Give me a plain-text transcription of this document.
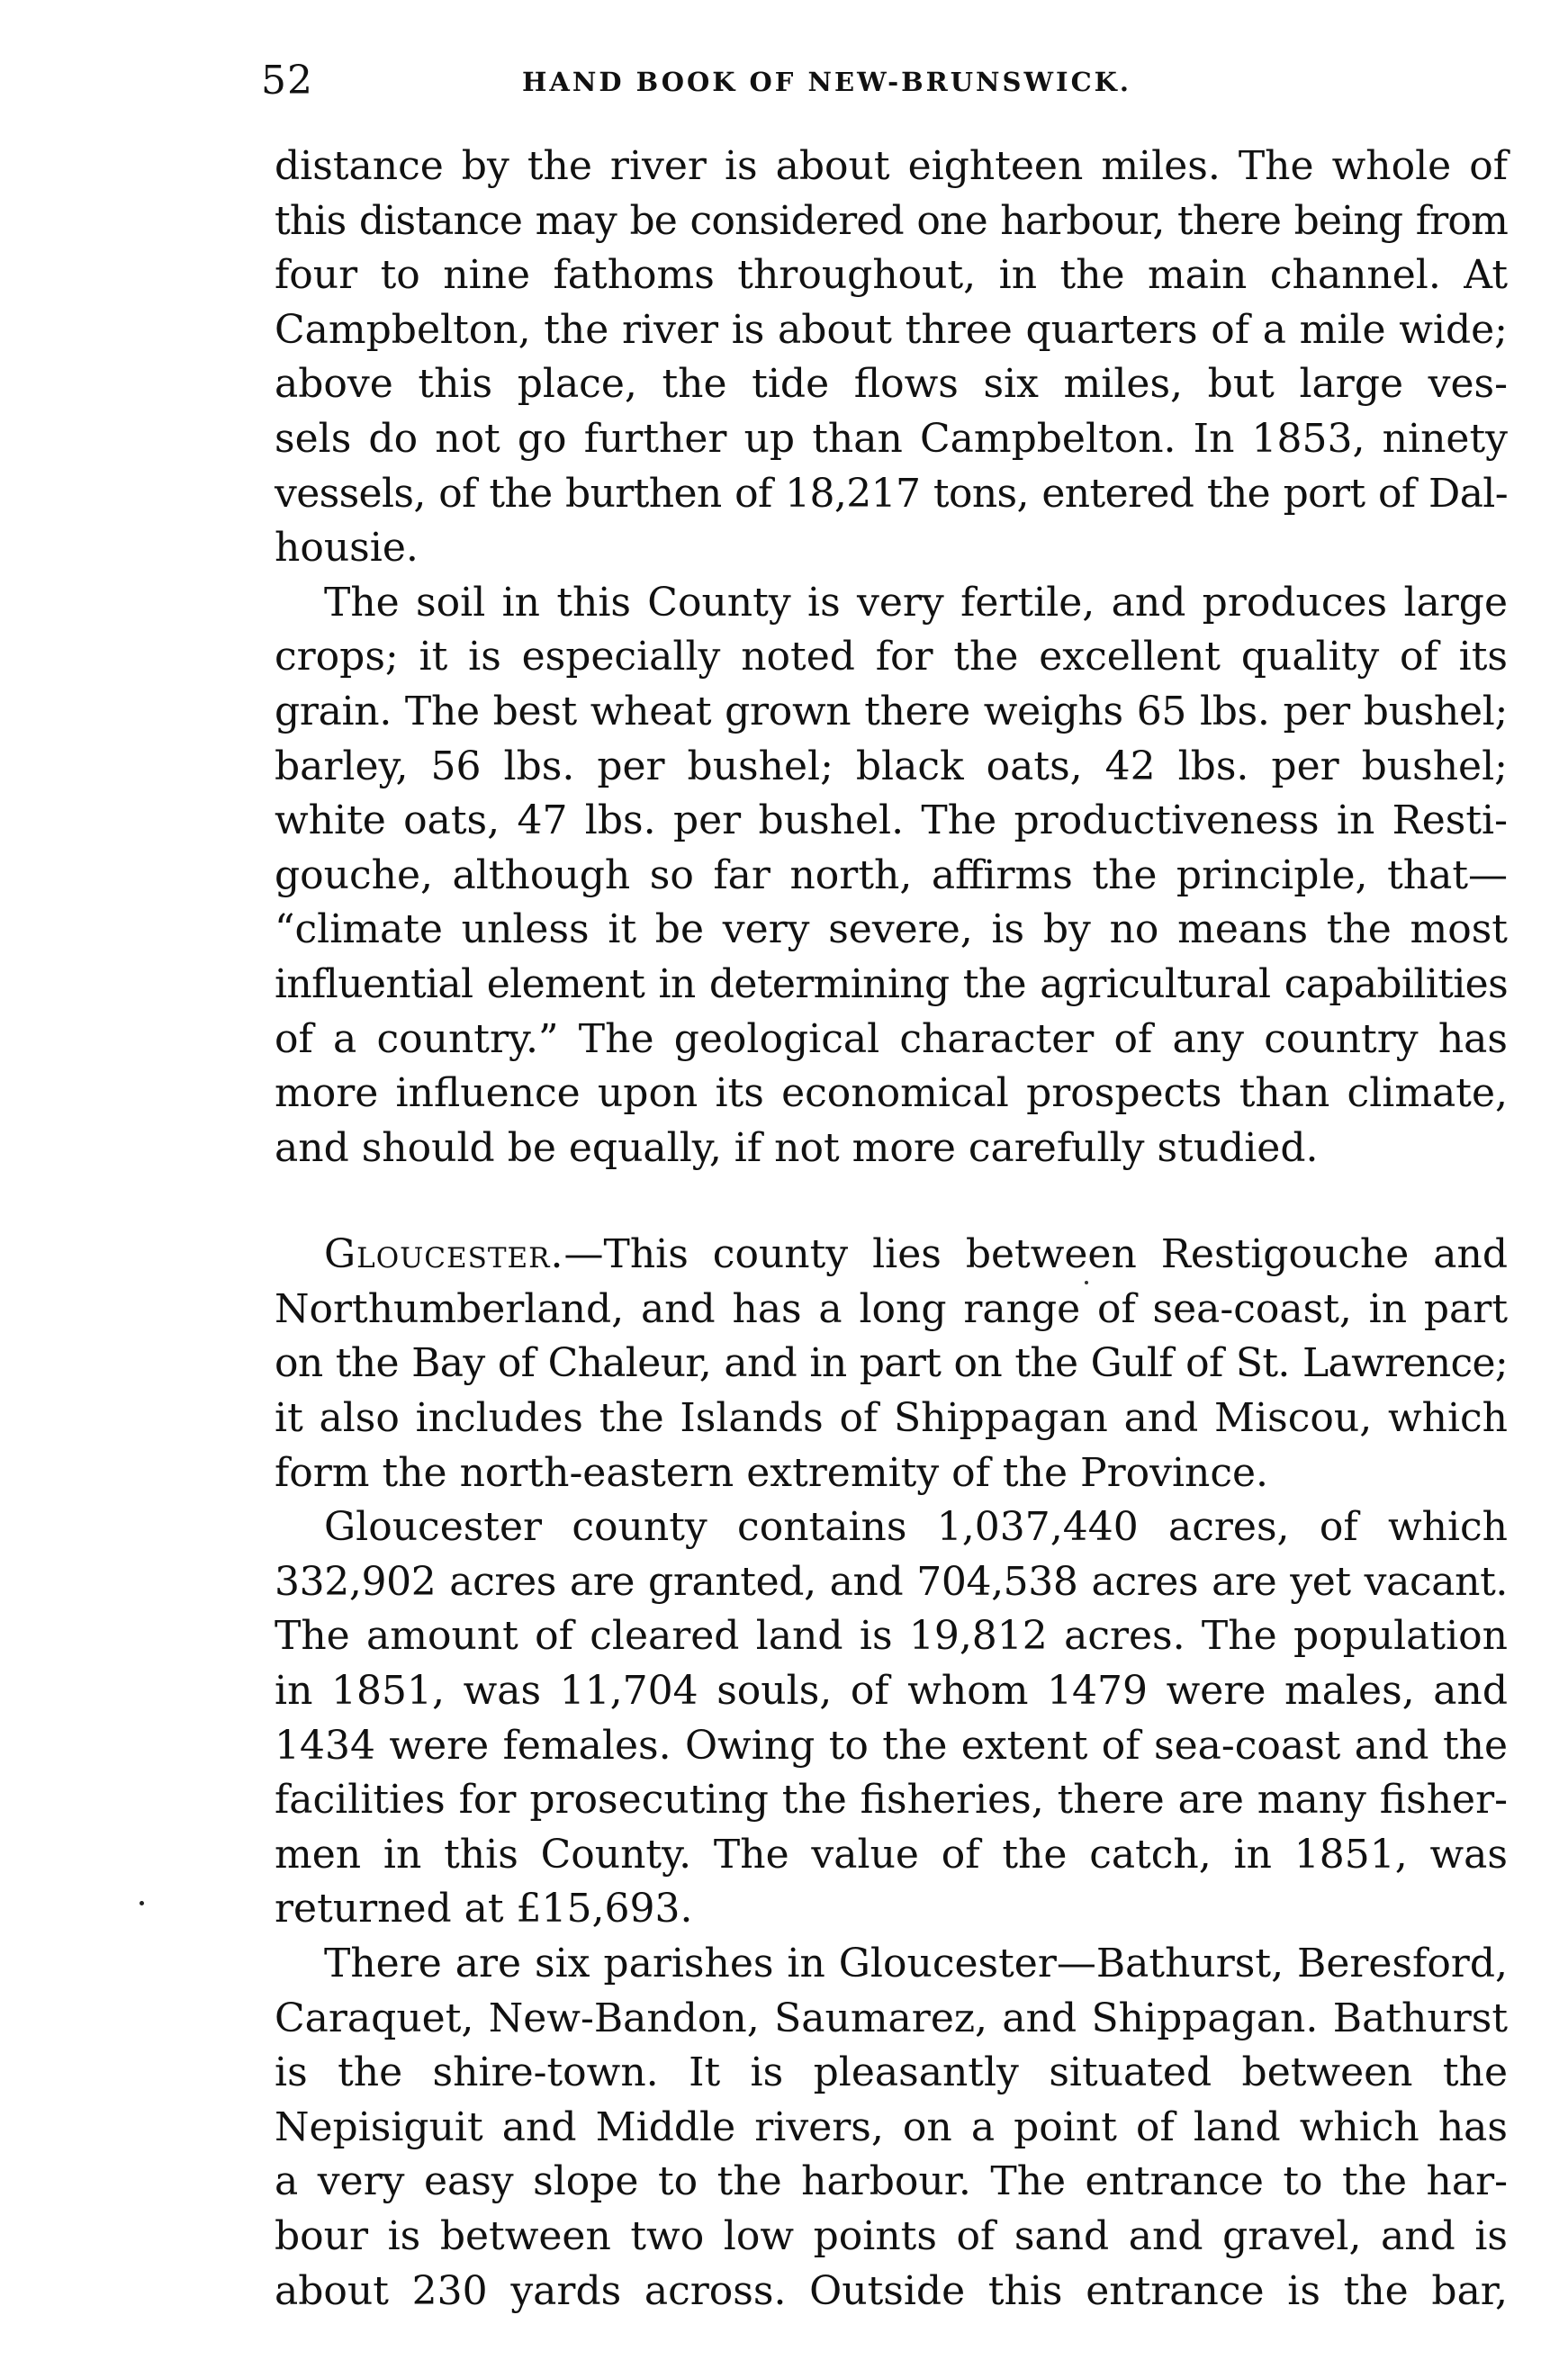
52	HAND BOOK OF NEW-BRUNSWICK.

distance by the river is about eighteen miles. The whole of
this distance may be considered one harbour, there being from
four to nine fathoms throughout, in the main channel. At
Campbelton, the river is about three quarters of a mile wide;
above this place, the tide flows six miles, but large ves-
sels do not go further up than Campbelton. In 1853, ninety
vessels, of the burthen of 18,217 tons, entered the port of Dal-
housie.

The soil in this County is very fertile, and produces large
crops; it is especially noted for the excellent quality of its
grain. The best wheat grown there weighs 65 lbs. per bushel;
barley, 56 lbs. per bushel; black oats, 42 lbs. per bushel;
white oats, 47 lbs. per bushel. The productiveness in Resti-
gouche, although so far north, affirms the principle, that—
“climate unless it be very severe, is by no means the most
influential element in determining the agricultural capabilities
of a country.” The geological character of any country has
more influence upon its economical prospects than climate,
and should be equally, if not more carefully studied.

Gloucester.—This county lies between Restigouche and
Northumberland, and has a long range of sea-coast, in part
on the Bay of Chaleur, and in part on the Gulf of St. Lawrence;
it also includes the Islands of Shippagan and Miscou, which
form the north-eastern extremity of the Province.

Gloucester county contains 1,037,440 acres, of which
332,902 acres are granted, and 704,538 acres are yet vacant.
The amount of cleared land is 19,812 acres. The population
in 1851, was 11,704 souls, of whom 1479 were males, and
1434 were females. Owing to the extent of sea-coast and the
facilities for prosecuting the fisheries, there are many fisher-
men in this County. The value of the catch, in 1851, was
returned at £15,693.

There are six parishes in Gloucester—Bathurst, Beresford,
Caraquet, New-Bandon, Saumarez, and Shippagan. Bathurst
is the shire-town. It is pleasantly situated between the
Nepisiguit and Middle rivers, on a point of land which has
a very easy slope to the harbour. The entrance to the har-
bour is between two low points of sand and gravel, and is
about 230 yards across. Outside this entrance is the bar,
